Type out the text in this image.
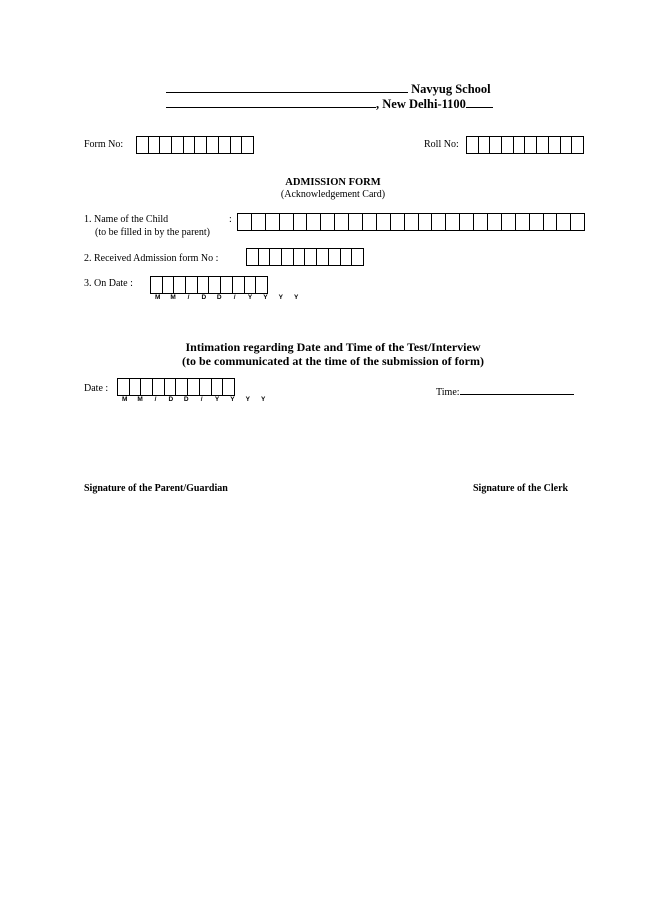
Navyug School
, New Delhi-1100
Form No:	Roll No:
ADMISSION FORM
(Acknowledgement Card)
1. Name of the Child
(to be filled in by the parent)
:
2. Received Admission form No :
3. On Date :
M	M	/	D	D	/	Y	Y	Y	Y
Intimation regarding Date and Time of the Test/Interview
(to be communicated at the time of the submission of form)
Date :
M	M	/	D	D	/	Y	Y	Y	Y
Time:
Signature of the Parent/Guardian	Signature of the Clerk
